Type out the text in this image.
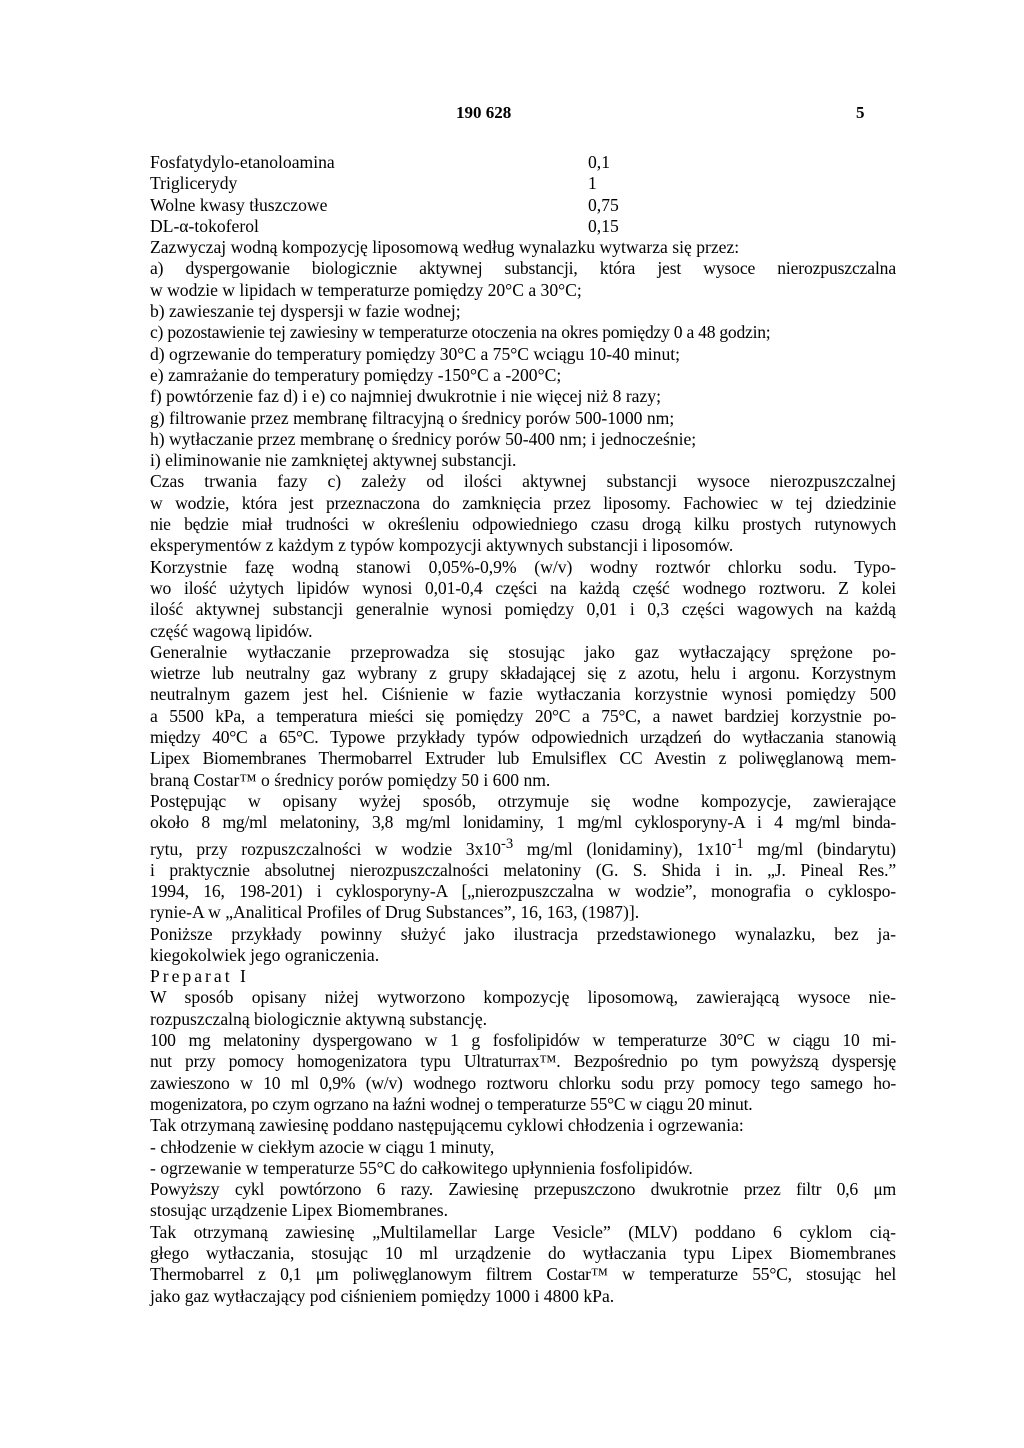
190 628	5
Fosfatydylo-etanoloamina	0,1
Triglicerydy	1
Wolne kwasy tłuszczowe	0,75
DL-α-tokoferol	0,15
Zazwyczaj wodną kompozycję liposomową według wynalazku wytwarza się przez:
a) dyspergowanie biologicznie aktywnej substancji, która jest wysoce nierozpuszczalna
w wodzie w lipidach w temperaturze pomiędzy 20°C a 30°C;
b) zawieszanie tej dyspersji w fazie wodnej;
c) pozostawienie tej zawiesiny w temperaturze otoczenia na okres pomiędzy 0 a 48 godzin;
d) ogrzewanie do temperatury pomiędzy 30°C a 75°C wciągu 10-40 minut;
e) zamrażanie do temperatury pomiędzy -150°C a -200°C;
f) powtórzenie faz d) i e) co najmniej dwukrotnie i nie więcej niż 8 razy;
g) filtrowanie przez membranę filtracyjną o średnicy porów 500-1000 nm;
h) wytłaczanie przez membranę o średnicy porów 50-400 nm; i jednocześnie;
i) eliminowanie nie zamkniętej aktywnej substancji.
Czas trwania fazy c) zależy od ilości aktywnej substancji wysoce nierozpuszczalnej
w wodzie, która jest przeznaczona do zamknięcia przez liposomy. Fachowiec w tej dziedzinie
nie będzie miał trudności w określeniu odpowiedniego czasu drogą kilku prostych rutynowych
eksperymentów z każdym z typów kompozycji aktywnych substancji i liposomów.
Korzystnie fazę wodną stanowi 0,05%-0,9% (w/v) wodny roztwór chlorku sodu. Typo-
wo ilość użytych lipidów wynosi 0,01-0,4 części na każdą część wodnego roztworu. Z kolei
ilość aktywnej substancji generalnie wynosi pomiędzy 0,01 i 0,3 części wagowych na każdą
część wagową lipidów.
Generalnie wytłaczanie przeprowadza się stosując jako gaz wytłaczający sprężone po-
wietrze lub neutralny gaz wybrany z grupy składającej się z azotu, helu i argonu. Korzystnym
neutralnym gazem jest hel. Ciśnienie w fazie wytłaczania korzystnie wynosi pomiędzy 500
a 5500 kPa, a temperatura mieści się pomiędzy 20°C a 75°C, a nawet bardziej korzystnie po-
między 40°C a 65°C. Typowe przykłady typów odpowiednich urządzeń do wytłaczania stanowią
Lipex Biomembranes Thermobarrel Extruder lub Emulsiflex CC Avestin z poliwęglanową mem-
braną Costar™ o średnicy porów pomiędzy 50 i 600 nm.
Postępując w opisany wyżej sposób, otrzymuje się wodne kompozycje, zawierające
około 8 mg/ml melatoniny, 3,8 mg/ml lonidaminy, 1 mg/ml cyklosporyny-A i 4 mg/ml binda-
rytu, przy rozpuszczalności w wodzie $3x10^{-3}$ mg/ml (lonidaminy), $1x10^{-1}$ mg/ml (bindarytu)
i praktycznie absolutnej nierozpuszczalności melatoniny (G. S. Shida i in. „J. Pineal Res.”
1994, 16, 198-201) i cyklosporyny-A [„nierozpuszczalna w wodzie”, monografia o cyklospo-
rynie-A w „Analitical Profiles of Drug Substances”, 16, 163, (1987)].
Poniższe przykłady powinny służyć jako ilustracja przedstawionego wynalazku, bez ja-
kiegokolwiek jego ograniczenia.
Preparat I
W sposób opisany niżej wytworzono kompozycję liposomową, zawierającą wysoce nie-
rozpuszczalną biologicznie aktywną substancję.
100 mg melatoniny dyspergowano w 1 g fosfolipidów w temperaturze 30°C w ciągu 10 mi-
nut przy pomocy homogenizatora typu Ultraturrax™. Bezpośrednio po tym powyższą dyspersję
zawieszono w 10 ml 0,9% (w/v) wodnego roztworu chlorku sodu przy pomocy tego samego ho-
mogenizatora, po czym ogrzano na łaźni wodnej o temperaturze 55°C w ciągu 20 minut.
Tak otrzymaną zawiesinę poddano następującemu cyklowi chłodzenia i ogrzewania:
- chłodzenie w ciekłym azocie w ciągu 1 minuty,
- ogrzewanie w temperaturze 55°C do całkowitego upłynnienia fosfolipidów.
Powyższy cykl powtórzono 6 razy. Zawiesinę przepuszczono dwukrotnie przez filtr 0,6 μm
stosując urządzenie Lipex Biomembranes.
Tak otrzymaną zawiesinę „Multilamellar Large Vesicle” (MLV) poddano 6 cyklom cią-
głego wytłaczania, stosując 10 ml urządzenie do wytłaczania typu Lipex Biomembranes
Thermobarrel z 0,1 μm poliwęglanowym filtrem Costar™ w temperaturze 55°C, stosując hel
jako gaz wytłaczający pod ciśnieniem pomiędzy 1000 i 4800 kPa.
